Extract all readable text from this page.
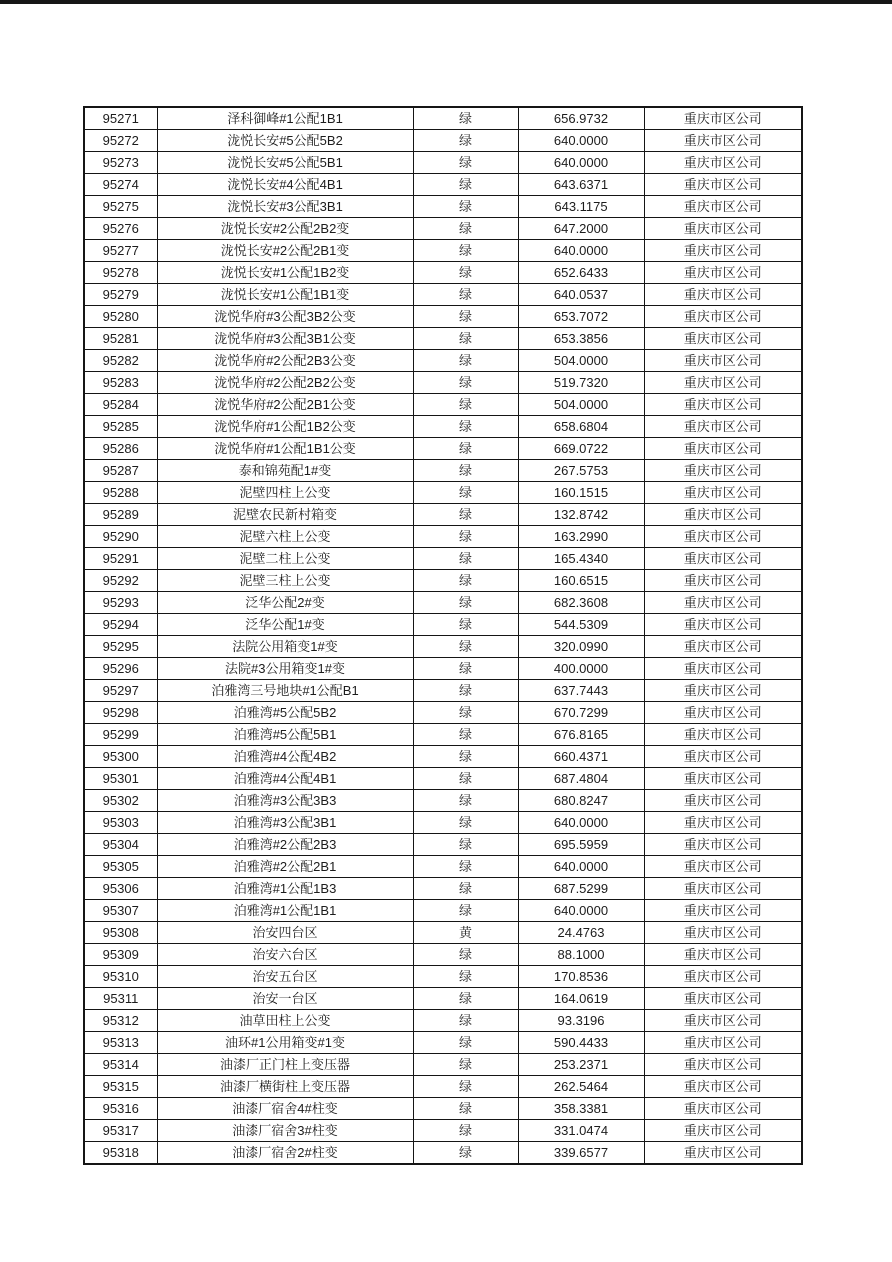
95271	泽科御峰#1公配1B1	绿	656.9732	重庆市区公司
95272	泷悦长安#5公配5B2	绿	640.0000	重庆市区公司
95273	泷悦长安#5公配5B1	绿	640.0000	重庆市区公司
95274	泷悦长安#4公配4B1	绿	643.6371	重庆市区公司
95275	泷悦长安#3公配3B1	绿	643.1175	重庆市区公司
95276	泷悦长安#2公配2B2变	绿	647.2000	重庆市区公司
95277	泷悦长安#2公配2B1变	绿	640.0000	重庆市区公司
95278	泷悦长安#1公配1B2变	绿	652.6433	重庆市区公司
95279	泷悦长安#1公配1B1变	绿	640.0537	重庆市区公司
95280	泷悦华府#3公配3B2公变	绿	653.7072	重庆市区公司
95281	泷悦华府#3公配3B1公变	绿	653.3856	重庆市区公司
95282	泷悦华府#2公配2B3公变	绿	504.0000	重庆市区公司
95283	泷悦华府#2公配2B2公变	绿	519.7320	重庆市区公司
95284	泷悦华府#2公配2B1公变	绿	504.0000	重庆市区公司
95285	泷悦华府#1公配1B2公变	绿	658.6804	重庆市区公司
95286	泷悦华府#1公配1B1公变	绿	669.0722	重庆市区公司
95287	泰和锦苑配1#变	绿	267.5753	重庆市区公司
95288	泥壁四柱上公变	绿	160.1515	重庆市区公司
95289	泥壁农民新村箱变	绿	132.8742	重庆市区公司
95290	泥壁六柱上公变	绿	163.2990	重庆市区公司
95291	泥壁二柱上公变	绿	165.4340	重庆市区公司
95292	泥壁三柱上公变	绿	160.6515	重庆市区公司
95293	泛华公配2#变	绿	682.3608	重庆市区公司
95294	泛华公配1#变	绿	544.5309	重庆市区公司
95295	法院公用箱变1#变	绿	320.0990	重庆市区公司
95296	法院#3公用箱变1#变	绿	400.0000	重庆市区公司
95297	泊雅湾三号地块#1公配B1	绿	637.7443	重庆市区公司
95298	泊雅湾#5公配5B2	绿	670.7299	重庆市区公司
95299	泊雅湾#5公配5B1	绿	676.8165	重庆市区公司
95300	泊雅湾#4公配4B2	绿	660.4371	重庆市区公司
95301	泊雅湾#4公配4B1	绿	687.4804	重庆市区公司
95302	泊雅湾#3公配3B3	绿	680.8247	重庆市区公司
95303	泊雅湾#3公配3B1	绿	640.0000	重庆市区公司
95304	泊雅湾#2公配2B3	绿	695.5959	重庆市区公司
95305	泊雅湾#2公配2B1	绿	640.0000	重庆市区公司
95306	泊雅湾#1公配1B3	绿	687.5299	重庆市区公司
95307	泊雅湾#1公配1B1	绿	640.0000	重庆市区公司
95308	治安四台区	黄	24.4763	重庆市区公司
95309	治安六台区	绿	88.1000	重庆市区公司
95310	治安五台区	绿	170.8536	重庆市区公司
95311	治安一台区	绿	164.0619	重庆市区公司
95312	油草田柱上公变	绿	93.3196	重庆市区公司
95313	油环#1公用箱变#1变	绿	590.4433	重庆市区公司
95314	油漆厂正门柱上变压器	绿	253.2371	重庆市区公司
95315	油漆厂横街柱上变压器	绿	262.5464	重庆市区公司
95316	油漆厂宿舍4#柱变	绿	358.3381	重庆市区公司
95317	油漆厂宿舍3#柱变	绿	331.0474	重庆市区公司
95318	油漆厂宿舍2#柱变	绿	339.6577	重庆市区公司
